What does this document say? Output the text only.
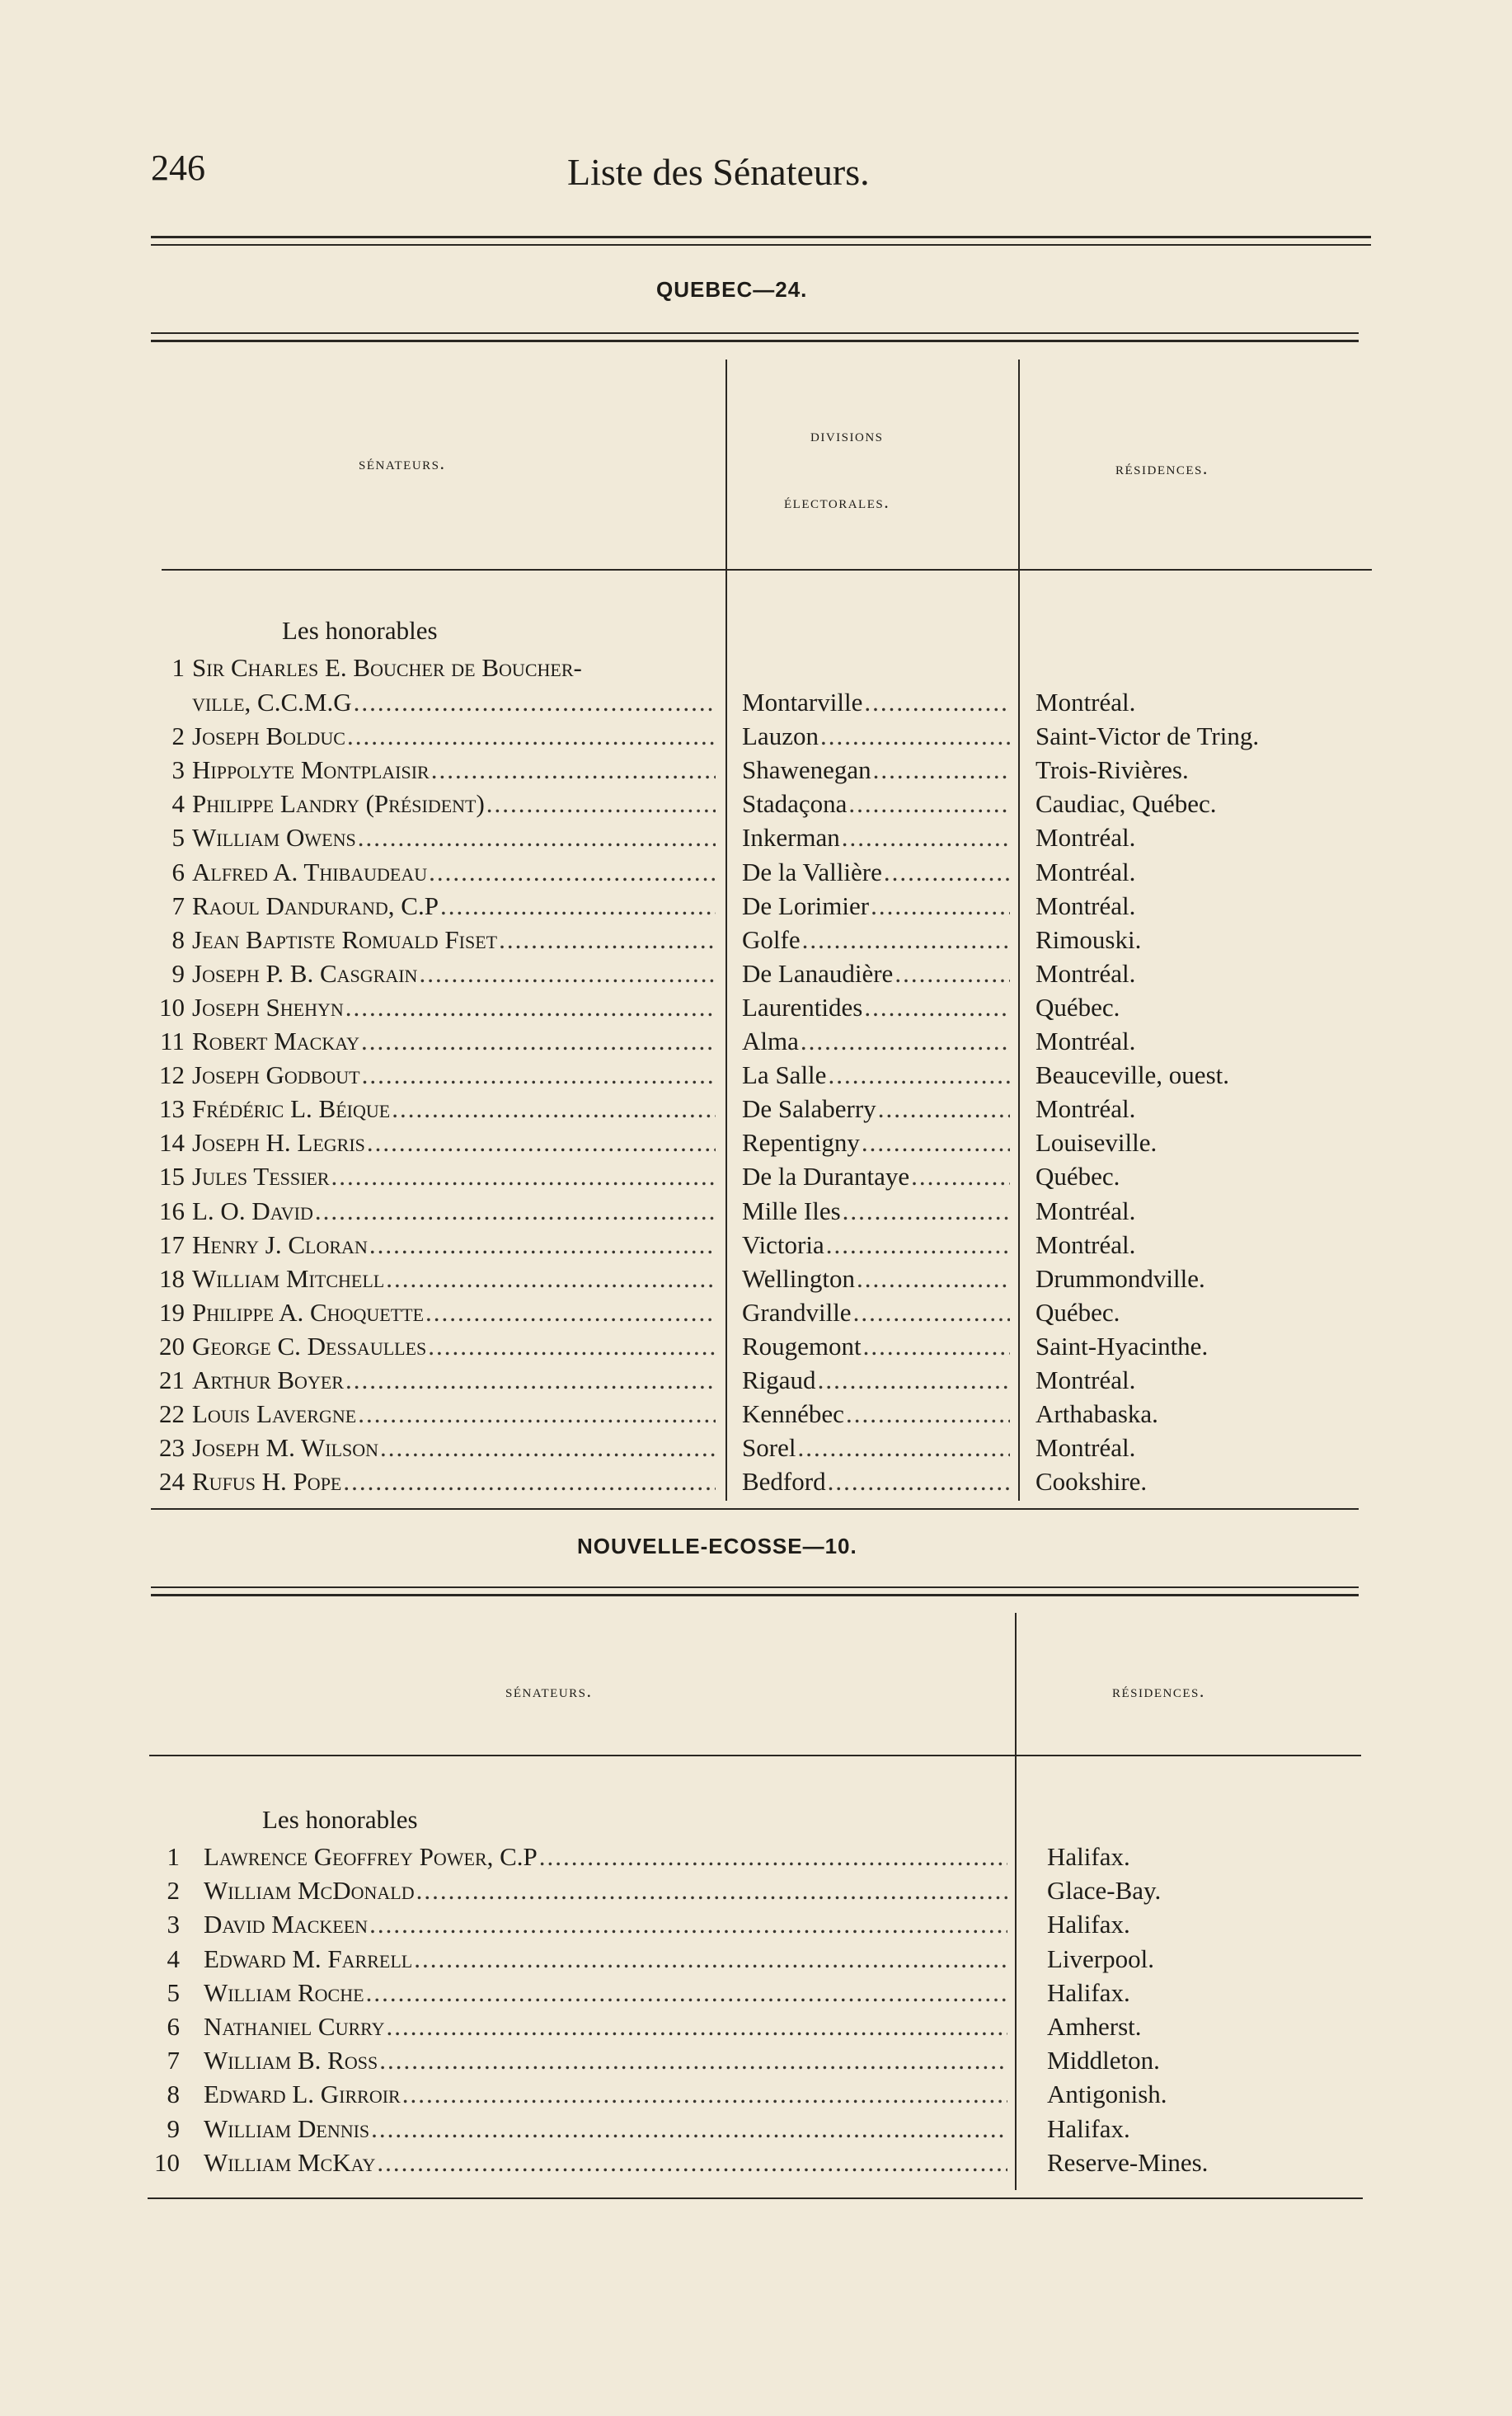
246	Liste des Sénateurs.
QUEBEC—24.
sénateurs.
divisions
électorales.
résidences.
Les honorables
1 Sir Charles E. Boucher de Boucher-
ville, C.C.M.G .....	Montarville .....	Montréal.
2 Joseph Bolduc .....	Lauzon .....	Saint-Victor de Tring.
3 Hippolyte Montplaisir .....	Shawenegan .....	Trois-Rivières.
4 Philippe Landry (Président) .....	Stadaçona .....	Caudiac, Québec.
5 William Owens .....	Inkerman .....	Montréal.
6 Alfred A. Thibaudeau .....	De la Vallière .....	Montréal.
7 Raoul Dandurand, C.P .....	De Lorimier .....	Montréal.
8 Jean Baptiste Romuald Fiset .....	Golfe .....	Rimouski.
9 Joseph P. B. Casgrain .....	De Lanaudière .....	Montréal.
10 Joseph Shehyn .....	Laurentides .....	Québec.
11 Robert Mackay .....	Alma .....	Montréal.
12 Joseph Godbout .....	La Salle .....	Beauceville, ouest.
13 Frédéric L. Béique .....	De Salaberry .....	Montréal.
14 Joseph H. Legris .....	Repentigny .....	Louiseville.
15 Jules Tessier .....	De la Durantaye .....	Québec.
16 L. O. David .....	Mille Iles .....	Montréal.
17 Henry J. Cloran .....	Victoria .....	Montréal.
18 William Mitchell .....	Wellington .....	Drummondville.
19 Philippe A. Choquette .....	Grandville .....	Québec.
20 George C. Dessaulles .....	Rougemont .....	Saint-Hyacinthe.
21 Arthur Boyer .....	Rigaud .....	Montréal.
22 Louis Lavergne .....	Kennébec .....	Arthabaska.
23 Joseph M. Wilson .....	Sorel .....	Montréal.
24 Rufus H. Pope .....	Bedford .....	Cookshire.
NOUVELLE-ECOSSE—10.
sénateurs.	résidences.
Les honorables
1 Lawrence Geoffrey Power, C.P .....	Halifax.
2 William McDonald .....	Glace-Bay.
3 David Mackeen .....	Halifax.
4 Edward M. Farrell .....	Liverpool.
5 William Roche .....	Halifax.
6 Nathaniel Curry .....	Amherst.
7 William B. Ross .....	Middleton.
8 Edward L. Girroir .....	Antigonish.
9 William Dennis .....	Halifax.
10 William McKay .....	Reserve-Mines.
